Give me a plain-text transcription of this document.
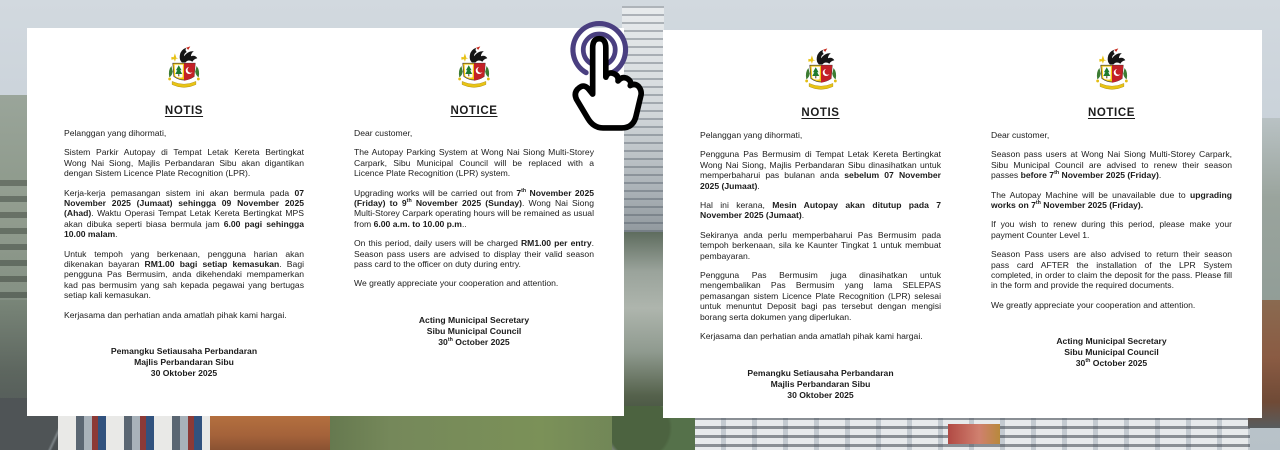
NOTIS
Pelanggan yang dihormati,

Sistem Parkir Autopay di Tempat Letak Kereta Bertingkat Wong Nai Siong, Majlis Perbandaran Sibu akan digantikan dengan Sistem Licence Plate Recognition (LPR).

Kerja-kerja pemasangan sistem ini akan bermula pada 07 November 2025 (Jumaat) sehingga 09 November 2025 (Ahad). Waktu Operasi Tempat Letak Kereta Bertingkat MPS akan dibuka seperti biasa bermula jam 6.00 pagi sehingga 10.00 malam.

Untuk tempoh yang berkenaan, pengguna harian akan dikenakan bayaran RM1.00 bagi setiap kemasukan. Bagi pengguna Pas Bermusim, anda dikehendaki mempamerkan kad pas bermusim yang sah kepada pegawai yang bertugas setiap kali kemasukan.

Kerjasama dan perhatian anda amatlah pihak kami hargai.

Pemangku Setiausaha Perbandaran
Majlis Perbandaran Sibu
30 Oktober 2025
NOTICE
Dear customer,

The Autopay Parking System at Wong Nai Siong Multi-Storey Carpark, Sibu Municipal Council will be replaced with a Licence Plate Recognition (LPR) system.

Upgrading works will be carried out from 7th November 2025 (Friday) to 9th November 2025 (Sunday). Wong Nai Siong Multi-Storey Carpark operating hours will be remained as usual from 6.00 a.m. to 10.00 p.m..

On this period, daily users will be charged RM1.00 per entry. Season pass users are advised to display their valid season pass card to the officer on duty during entry.

We greatly appreciate your cooperation and attention.

Acting Municipal Secretary
Sibu Municipal Council
30th October 2025
NOTIS
Pelanggan yang dihormati,

Pengguna Pas Bermusim di Tempat Letak Kereta Bertingkat Wong Nai Siong, Majlis Perbandaran Sibu dinasihatkan untuk memperbaharui pas bulanan anda sebelum 07 November 2025 (Jumaat).

Hal ini kerana, Mesin Autopay akan ditutup pada 7 November 2025 (Jumaat).

Sekiranya anda perlu memperbaharui Pas Bermusim pada tempoh berkenaan, sila ke Kaunter Tingkat 1 untuk membuat pembayaran.

Pengguna Pas Bermusim juga dinasihatkan untuk mengembalikan Pas Bermusim yang lama SELEPAS pemasangan sistem Licence Plate Recognition (LPR) selesai untuk menuntut Deposit bagi pas tersebut dengan mengisi borang serta dokumen yang diperlukan.

Kerjasama dan perhatian anda amatlah pihak kami hargai.

Pemangku Setiausaha Perbandaran
Majlis Perbandaran Sibu
30 Oktober 2025
NOTICE
Dear customer,

Season pass users at Wong Nai Siong Multi-Storey Carpark, Sibu Municipal Council are advised to renew their season passes before 7th November 2025 (Friday).

The Autopay Machine will be unavailable due to upgrading works on 7th November 2025 (Friday).

If you wish to renew during this period, please make your payment Counter Level 1.

Season Pass users are also advised to return their season pass card AFTER the installation of the LPR System completed, in order to claim the deposit for the pass. Please fill in the form and provide the required documents.

We greatly appreciate your cooperation and attention.

Acting Municipal Secretary
Sibu Municipal Council
30th October 2025
